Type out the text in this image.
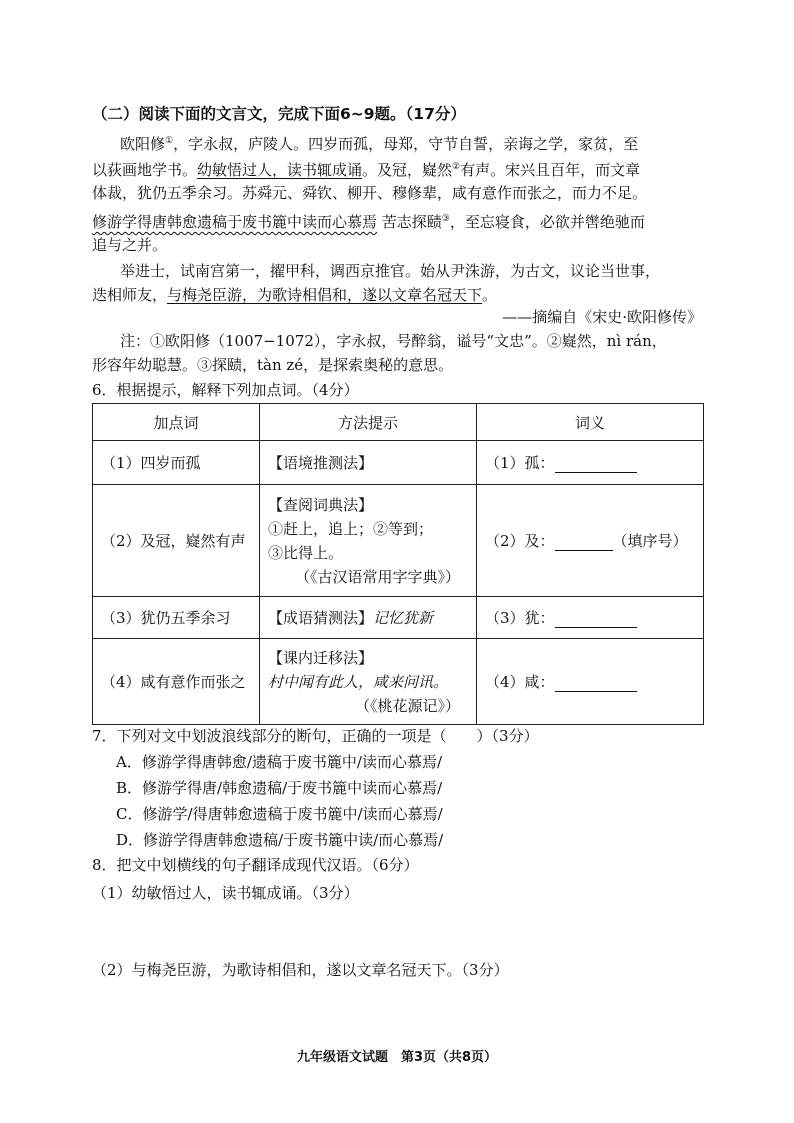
（二）阅读下面的文言文，完成下面6~9题。（17分）
欧阳修①，字永叔，庐陵人。四岁而孤，母郑，守节自誓，亲诲之学，家贫，至
以荻画地学书。幼敏悟过人，读书辄成诵。及冠，嶷然②有声。宋兴且百年，而文章
体裁，犹仍五季余习。苏舜元、舜钦、柳开、穆修辈，咸有意作而张之，而力不足。
修游学得唐韩愈遗稿于废书簏中读而心慕焉 苦志探赜③，至忘寝食，必欲并辔绝驰而
追与之并。
举进士，试南宫第一，擢甲科，调西京推官。始从尹洙游，为古文，议论当世事，
迭相师友，与梅尧臣游，为歌诗相倡和，遂以文章名冠天下。
——摘编自《宋史·欧阳修传》
注：①欧阳修（1007−1072），字永叔，号醉翁，谥号“文忠”。②嶷然，nì rán，
形容年幼聪慧。③探赜，tàn zé，是探索奥秘的意思。
6．根据提示，解释下列加点词。（4分）
加点词	方法提示	词义
（1）四岁而孤	【语境推测法】	（1）孤：
（2）及冠，嶷然有声	【查阅词典法】
①赶上，追上；②等到；
③比得上。
（《古汉语常用字字典》）	（2）及： （填序号）
（3）犹仍五季余习	【成语猜测法】记忆犹新	（3）犹：
（4）咸有意作而张之	【课内迁移法】
村中闻有此人，咸来问讯。
（《桃花源记》）	（4）咸：
7．下列对文中划波浪线部分的断句，正确的一项是（　　）（3分）
A．修游学得唐韩愈/遗稿于废书簏中/读而心慕焉/
B．修游学得唐/韩愈遗稿/于废书簏中读而心慕焉/
C．修游学/得唐韩愈遗稿于废书簏中/读而心慕焉/
D．修游学得唐韩愈遗稿/于废书簏中读/而心慕焉/
8．把文中划横线的句子翻译成现代汉语。（6分）
（1）幼敏悟过人，读书辄成诵。（3分）
（2）与梅尧臣游，为歌诗相倡和，遂以文章名冠天下。（3分）
九年级语文试题　第3页（共8页）
